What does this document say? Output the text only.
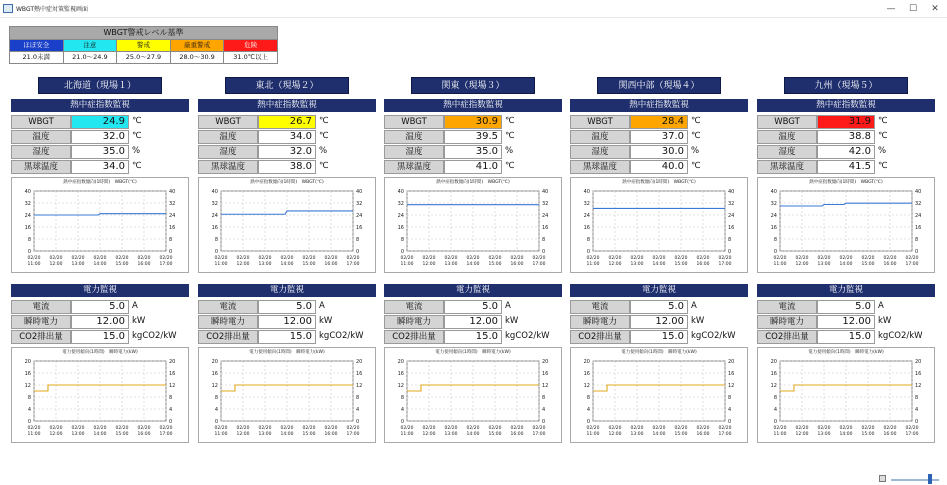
WBGT熱中症対策監視画面	—	☐	✕
WBGT警戒レベル基準
ほぼ安全	注意	警戒	厳重警戒	危険
21.0未満	21.0～24.9	25.0～27.9	28.0～30.9	31.0℃以上
北海道（現場１）
熱中症指数監視
WBGT	24.9 ℃
温度	32.0 ℃
湿度	35.0 %
黒球温度	34.0 ℃
熱中症指数傾向(1時間)　WBGT(℃)
0	0
8	8
16	16
24	24
32	32
40	40
02/20
11:00
02/20
12:00
02/20
13:00
02/20
14:00
02/20
15:00
02/20
16:00
02/20
17:00
電力監視
電流	5.0 A
瞬時電力	12.00 kW
CO2排出量	15.0 kgCO2/kW
電力使用傾向(1時間)　瞬時電力(kW)
0	0
4	4
8	8
12	12
16	16
20	20
02/20
11:00
02/20
12:00
02/20
13:00
02/20
14:00
02/20
15:00
02/20
16:00
02/20
17:00
東北（現場２）
熱中症指数監視
WBGT	26.7 ℃
温度	34.0 ℃
湿度	32.0 %
黒球温度	38.0 ℃
熱中症指数傾向(1時間)　WBGT(℃)
0	0
8	8
16	16
24	24
32	32
40	40
02/20
11:00
02/20
12:00
02/20
13:00
02/20
14:00
02/20
15:00
02/20
16:00
02/20
17:00
電力監視
電流	5.0 A
瞬時電力	12.00 kW
CO2排出量	15.0 kgCO2/kW
電力使用傾向(1時間)　瞬時電力(kW)
0	0
4	4
8	8
12	12
16	16
20	20
02/20
11:00
02/20
12:00
02/20
13:00
02/20
14:00
02/20
15:00
02/20
16:00
02/20
17:00
関東（現場３）
熱中症指数監視
WBGT	30.9 ℃
温度	39.5 ℃
湿度	35.0 %
黒球温度	41.0 ℃
熱中症指数傾向(1時間)　WBGT(℃)
0	0
8	8
16	16
24	24
32	32
40	40
02/20
11:00
02/20
12:00
02/20
13:00
02/20
14:00
02/20
15:00
02/20
16:00
02/20
17:00
電力監視
電流	5.0 A
瞬時電力	12.00 kW
CO2排出量	15.0 kgCO2/kW
電力使用傾向(1時間)　瞬時電力(kW)
0	0
4	4
8	8
12	12
16	16
20	20
02/20
11:00
02/20
12:00
02/20
13:00
02/20
14:00
02/20
15:00
02/20
16:00
02/20
17:00
関西中部（現場４）
熱中症指数監視
WBGT	28.4 ℃
温度	37.0 ℃
湿度	30.0 %
黒球温度	40.0 ℃
熱中症指数傾向(1時間)　WBGT(℃)
0	0
8	8
16	16
24	24
32	32
40	40
02/20
11:00
02/20
12:00
02/20
13:00
02/20
14:00
02/20
15:00
02/20
16:00
02/20
17:00
電力監視
電流	5.0 A
瞬時電力	12.00 kW
CO2排出量	15.0 kgCO2/kW
電力使用傾向(1時間)　瞬時電力(kW)
0	0
4	4
8	8
12	12
16	16
20	20
02/20
11:00
02/20
12:00
02/20
13:00
02/20
14:00
02/20
15:00
02/20
16:00
02/20
17:00
九州（現場５）
熱中症指数監視
WBGT	31.9 ℃
温度	38.8 ℃
湿度	42.0 %
黒球温度	41.5 ℃
熱中症指数傾向(1時間)　WBGT(℃)
0	0
8	8
16	16
24	24
32	32
40	40
02/20
11:00
02/20
12:00
02/20
13:00
02/20
14:00
02/20
15:00
02/20
16:00
02/20
17:00
電力監視
電流	5.0 A
瞬時電力	12.00 kW
CO2排出量	15.0 kgCO2/kW
電力使用傾向(1時間)　瞬時電力(kW)
0	0
4	4
8	8
12	12
16	16
20	20
02/20
11:00
02/20
12:00
02/20
13:00
02/20
14:00
02/20
15:00
02/20
16:00
02/20
17:00
